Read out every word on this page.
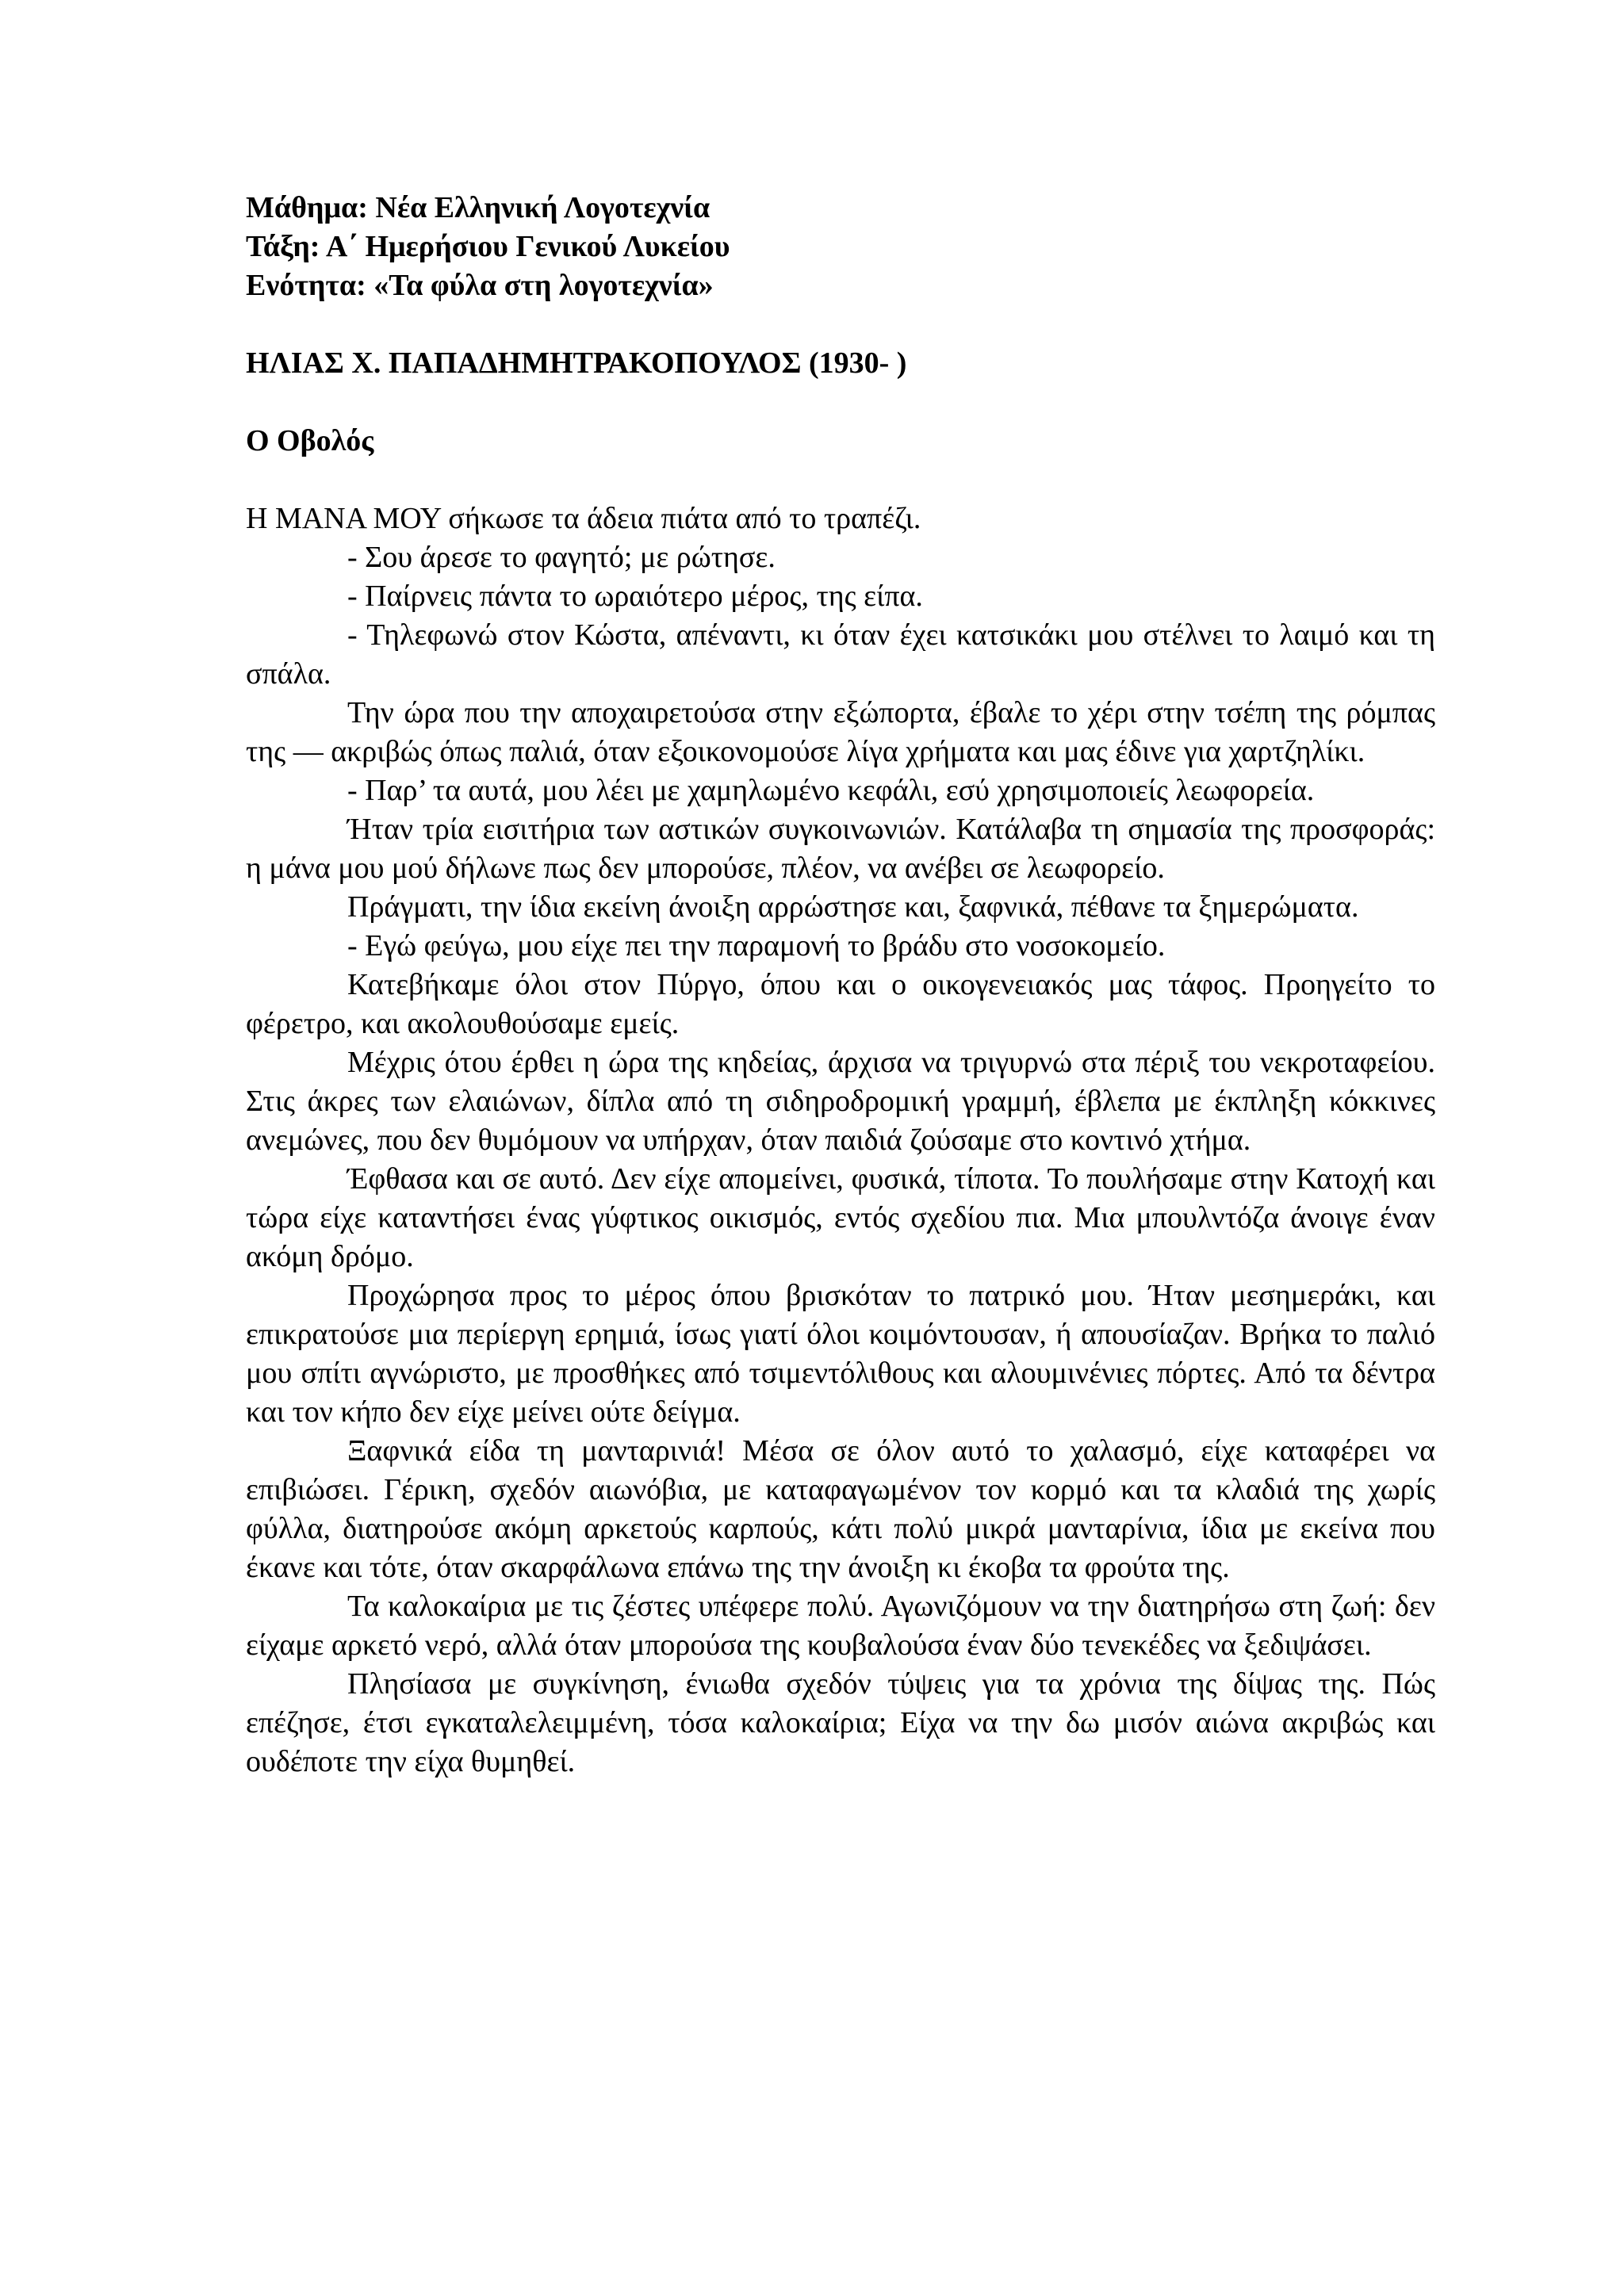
Μάθημα: Νέα Ελληνική Λογοτεχνία
Τάξη: Α΄ Ημερήσιου Γενικού Λυκείου
Ενότητα: «Τα φύλα στη λογοτεχνία»
ΗΛΙΑΣ Χ. ΠΑΠΑΔΗΜΗΤΡΑΚΟΠΟΥΛΟΣ (1930- )
Ο Οβολός

Η ΜΑΝΑ ΜΟΥ σήκωσε τα άδεια πιάτα από το τραπέζι.

- Σου άρεσε το φαγητό; με ρώτησε.

- Παίρνεις πάντα το ωραιότερο μέρος, της είπα.

- Τηλεφωνώ στον Κώστα, απέναντι, κι όταν έχει κατσικάκι μου στέλνει το λαιμό και τη σπάλα.

Την ώρα που την αποχαιρετούσα στην εξώπορτα, έβαλε το χέρι στην τσέπη της ρόμπας της — ακριβώς όπως παλιά, όταν εξοικονομούσε λίγα χρήματα και μας έδινε για χαρτζηλίκι.

- Παρ’ τα αυτά, μου λέει με χαμηλωμένο κεφάλι, εσύ χρησιμοποιείς λεωφορεία.

Ήταν τρία εισιτήρια των αστικών συγκοινωνιών. Κατάλαβα τη σημασία της προσφοράς: η μάνα μου μού δήλωνε πως δεν μπορούσε, πλέον, να ανέβει σε λεωφορείο.

Πράγματι, την ίδια εκείνη άνοιξη αρρώστησε και, ξαφνικά, πέθανε τα ξημερώματα.

- Εγώ φεύγω, μου είχε πει την παραμονή το βράδυ στο νοσοκομείο.

Κατεβήκαμε όλοι στον Πύργο, όπου και ο οικογενειακός μας τάφος. Προηγείτο το φέρετρο, και ακολουθούσαμε εμείς.

Μέχρις ότου έρθει η ώρα της κηδείας, άρχισα να τριγυρνώ στα πέριξ του νεκροταφείου. Στις άκρες των ελαιώνων, δίπλα από τη σιδηροδρομική γραμμή, έβλεπα με έκπληξη κόκκινες ανεμώνες, που δεν θυμόμουν να υπήρχαν, όταν παιδιά ζούσαμε στο κοντινό χτήμα.

Έφθασα και σε αυτό. Δεν είχε απομείνει, φυσικά, τίποτα. Το πουλήσαμε στην Κατοχή και τώρα είχε καταντήσει ένας γύφτικος οικισμός, εντός σχεδίου πια. Μια μπουλντόζα άνοιγε έναν ακόμη δρόμο.

Προχώρησα προς το μέρος όπου βρισκόταν το πατρικό μου. Ήταν μεσημεράκι, και επικρατούσε μια περίεργη ερημιά, ίσως γιατί όλοι κοιμόντουσαν, ή απουσίαζαν. Βρήκα το παλιό μου σπίτι αγνώριστο, με προσθήκες από τσιμεντόλιθους και αλουμινένιες πόρτες. Από τα δέντρα και τον κήπο δεν είχε μείνει ούτε δείγμα.

Ξαφνικά είδα τη μανταρινιά! Μέσα σε όλον αυτό το χαλασμό, είχε καταφέρει να επιβιώσει. Γέρικη, σχεδόν αιωνόβια, με καταφαγωμένον τον κορμό και τα κλαδιά της χωρίς φύλλα, διατηρούσε ακόμη αρκετούς καρπούς, κάτι πολύ μικρά μανταρίνια, ίδια με εκείνα που έκανε και τότε, όταν σκαρφάλωνα επάνω της την άνοιξη κι έκοβα τα φρούτα της.

Τα καλοκαίρια με τις ζέστες υπέφερε πολύ. Αγωνιζόμουν να την διατηρήσω στη ζωή: δεν είχαμε αρκετό νερό, αλλά όταν μπορούσα της κουβαλούσα έναν δύο τενεκέδες να ξεδιψάσει.

Πλησίασα με συγκίνηση, ένιωθα σχεδόν τύψεις για τα χρόνια της δίψας της. Πώς επέζησε, έτσι εγκαταλελειμμένη, τόσα καλοκαίρια; Είχα να την δω μισόν αιώνα ακριβώς και ουδέποτε την είχα θυμηθεί.
